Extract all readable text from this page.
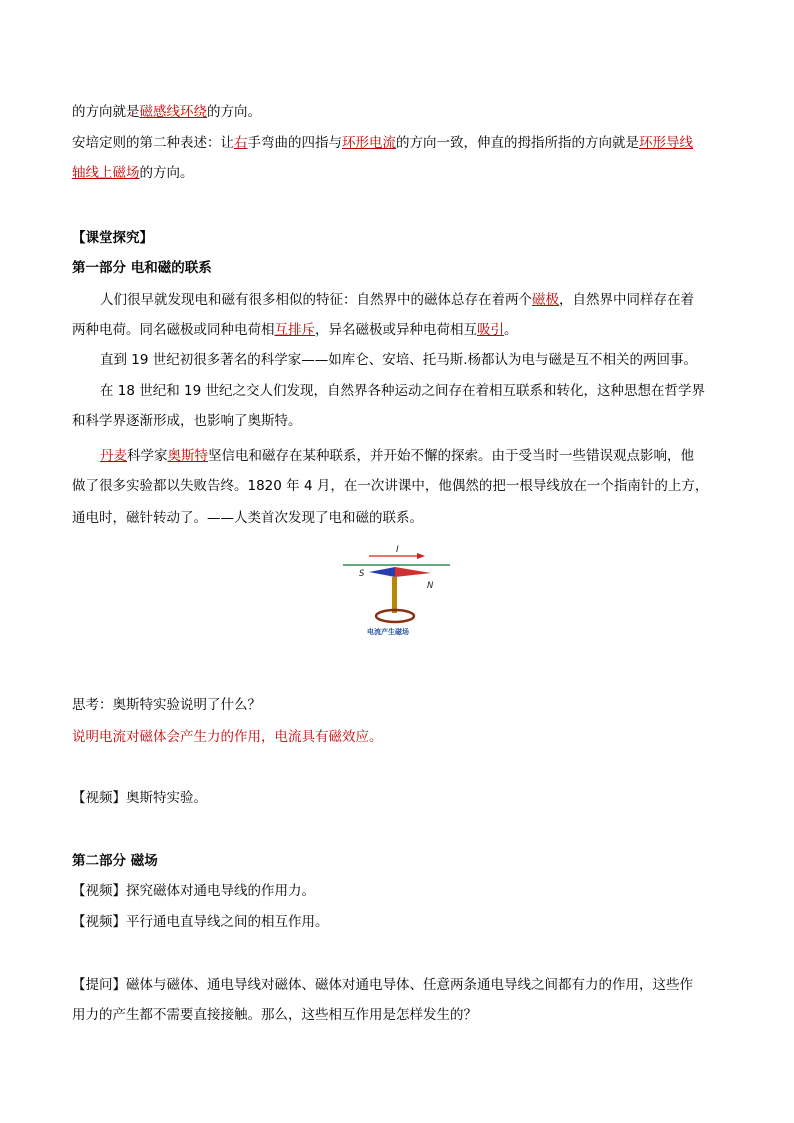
的方向就是磁感线环绕的方向。
安培定则的第二种表述：让右手弯曲的四指与环形电流的方向一致，伸直的拇指所指的方向就是环形导线
轴线上磁场的方向。
【课堂探究】
第一部分 电和磁的联系
人们很早就发现电和磁有很多相似的特征：自然界中的磁体总存在着两个磁极，自然界中同样存在着
两种电荷。同名磁极或同种电荷相互排斥，异名磁极或异种电荷相互吸引。
直到 19 世纪初很多著名的科学家——如库仑、安培、托马斯.杨都认为电与磁是互不相关的两回事。
在 18 世纪和 19 世纪之交人们发现，自然界各种运动之间存在着相互联系和转化，这种思想在哲学界
和科学界逐渐形成，也影响了奥斯特。
丹麦科学家奥斯特坚信电和磁存在某种联系，并开始不懈的探索。由于受当时一些错误观点影响，他
做了很多实验都以失败告终。1820 年 4 月，在一次讲课中，他偶然的把一根导线放在一个指南针的上方，
通电时，磁针转动了。——人类首次发现了电和磁的联系。
I
S
N
电流产生磁场
思考：奥斯特实验说明了什么？
说明电流对磁体会产生力的作用，电流具有磁效应。
【视频】奥斯特实验。
第二部分 磁场
【视频】探究磁体对通电导线的作用力。
【视频】平行通电直导线之间的相互作用。
【提问】磁体与磁体、通电导线对磁体、磁体对通电导体、任意两条通电导线之间都有力的作用，这些作
用力的产生都不需要直接接触。那么，这些相互作用是怎样发生的？
